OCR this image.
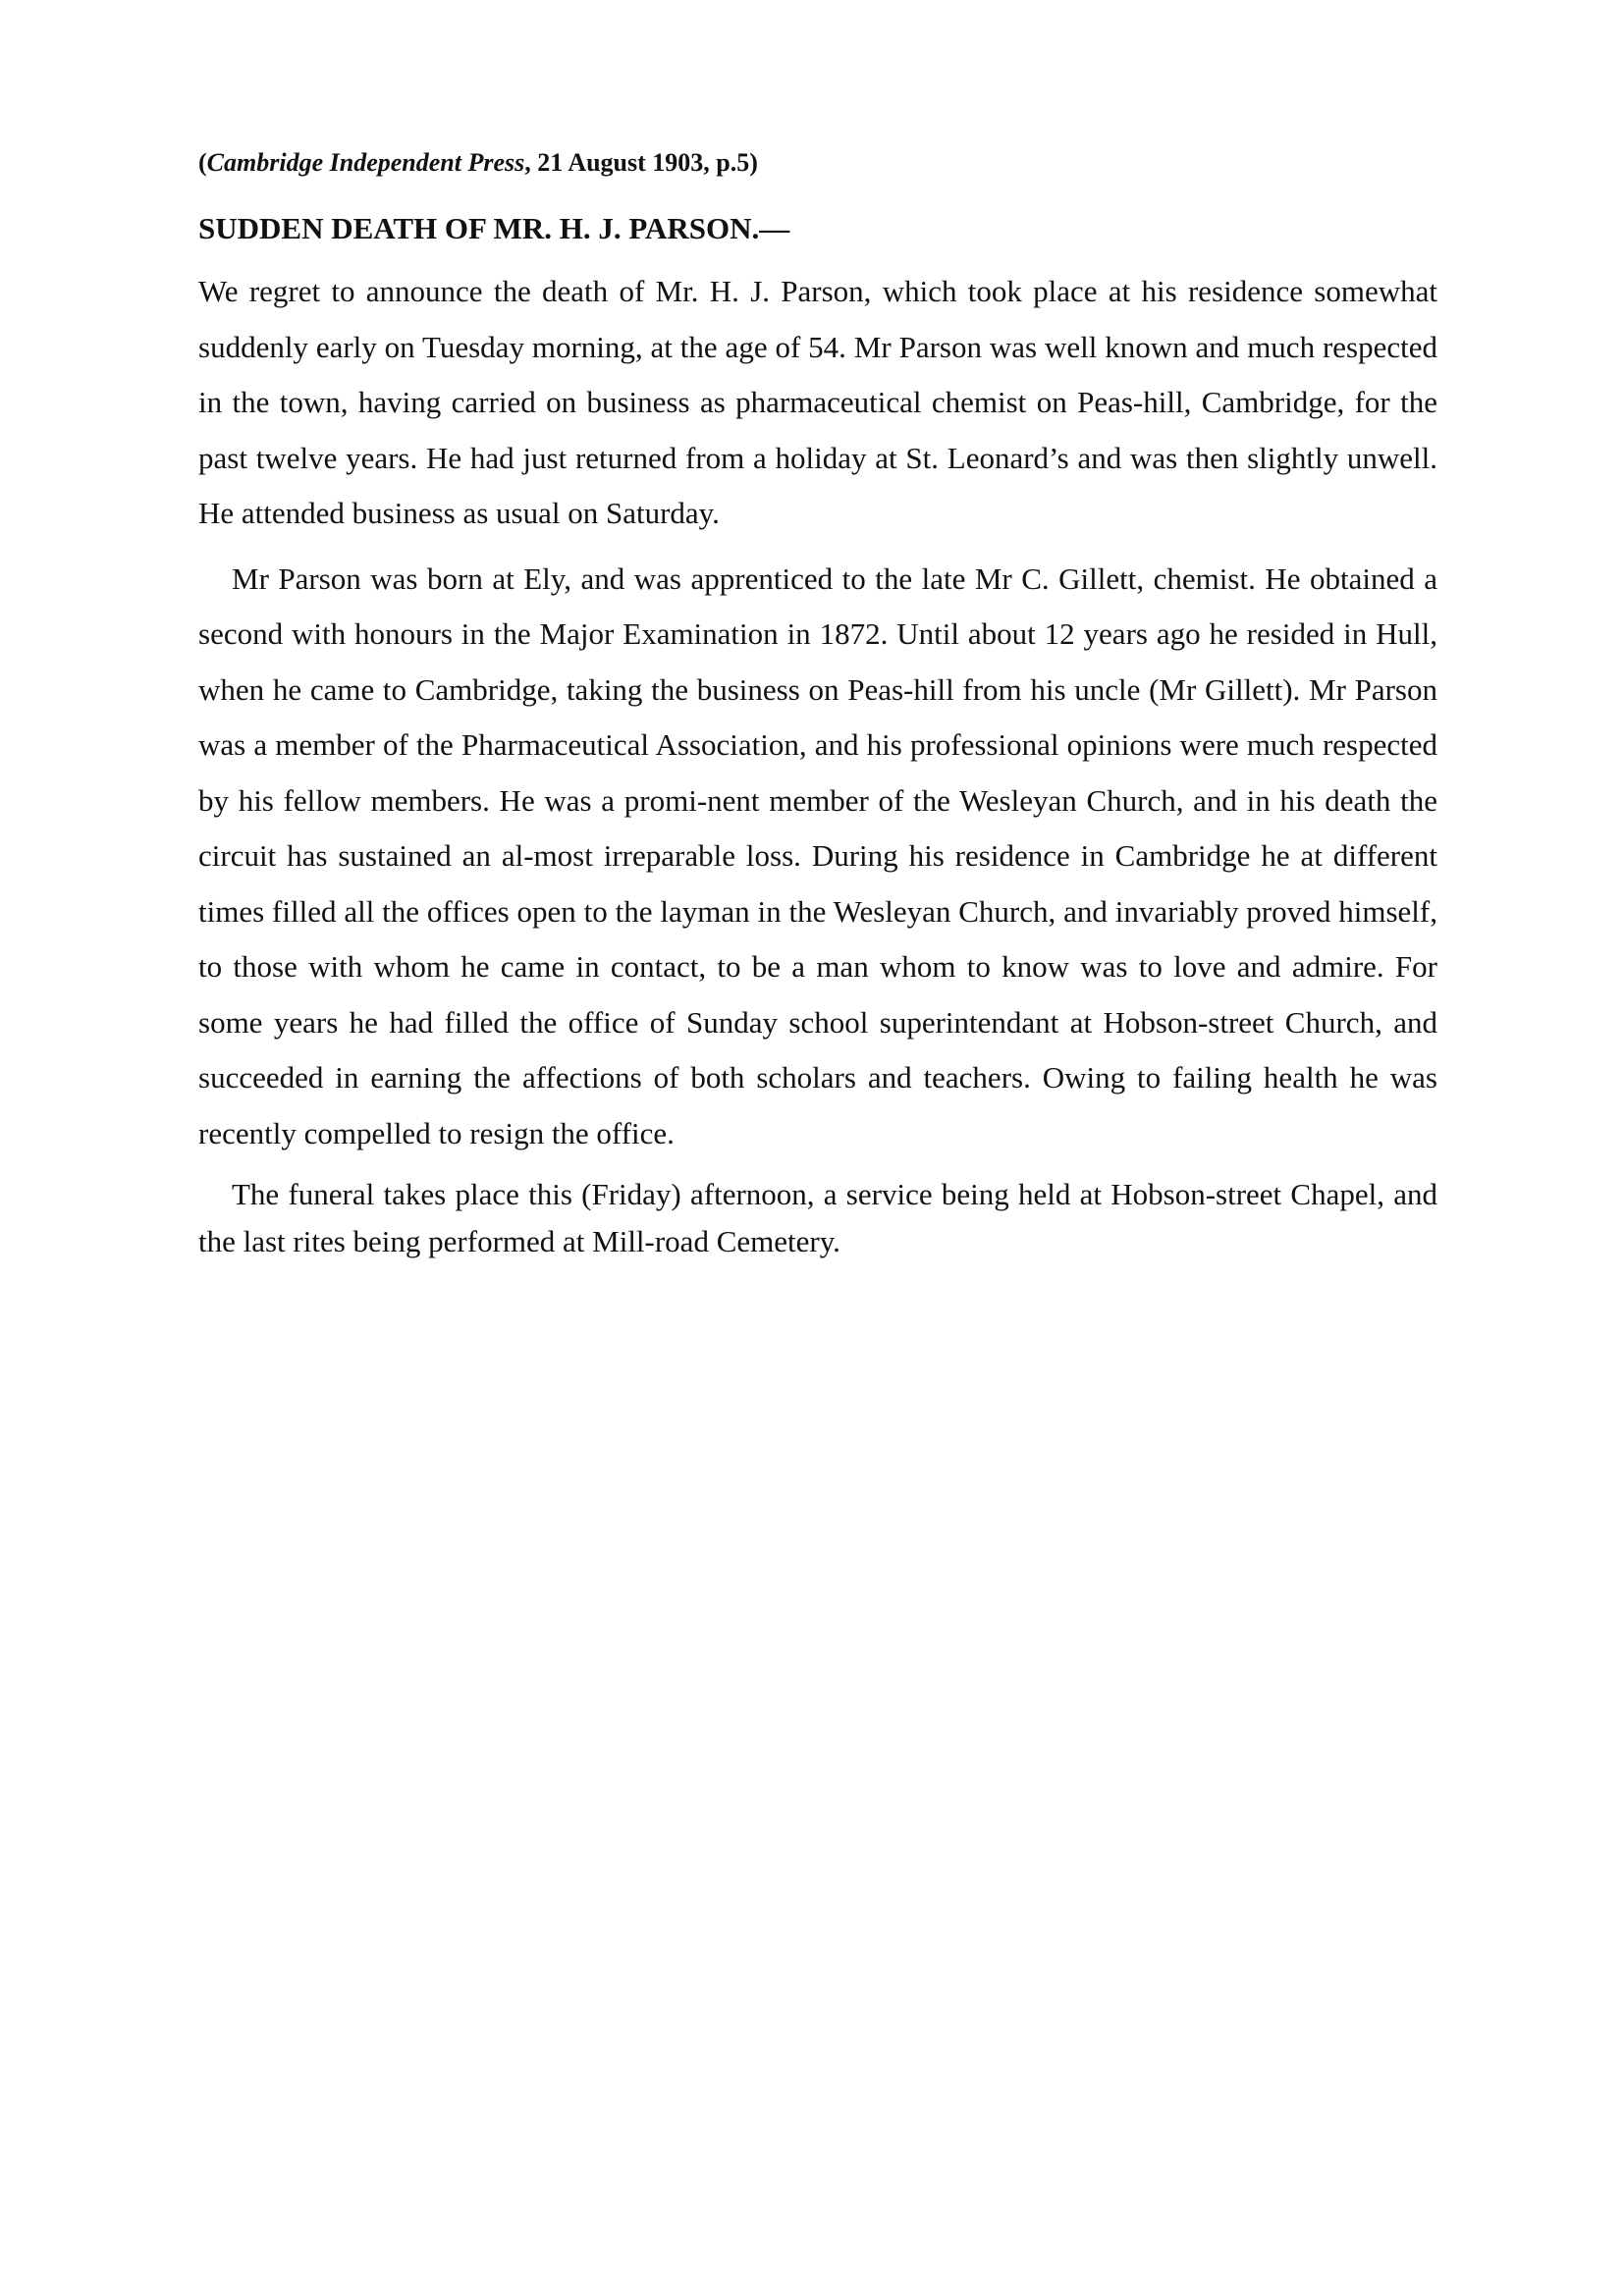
(Cambridge Independent Press, 21 August 1903, p.5)

SUDDEN DEATH OF MR. H. J. PARSON.—

We regret to announce the death of Mr. H. J. Parson, which took place at his residence somewhat suddenly early on Tuesday morning, at the age of 54. Mr Parson was well known and much respected in the town, having carried on business as pharmaceutical chemist on Peas-hill, Cambridge, for the past twelve years. He had just returned from a holiday at St. Leonard’s and was then slightly unwell. He attended business as usual on Saturday.

Mr Parson was born at Ely, and was apprenticed to the late Mr C. Gillett, chemist. He obtained a second with honours in the Major Examination in 1872. Until about 12 years ago he resided in Hull, when he came to Cambridge, taking the business on Peas-hill from his uncle (Mr Gillett). Mr Parson was a member of the Pharmaceutical Association, and his professional opinions were much respected by his fellow members. He was a promi-nent member of the Wesleyan Church, and in his death the circuit has sustained an al-most irreparable loss. During his residence in Cambridge he at different times filled all the offices open to the layman in the Wesleyan Church, and invariably proved himself, to those with whom he came in contact, to be a man whom to know was to love and admire. For some years he had filled the office of Sunday school superintendant at Hobson-street Church, and succeeded in earning the affections of both scholars and teachers. Owing to failing health he was recently compelled to resign the office.

The funeral takes place this (Friday) afternoon, a service being held at Hobson-street Chapel, and the last rites being performed at Mill-road Cemetery.
